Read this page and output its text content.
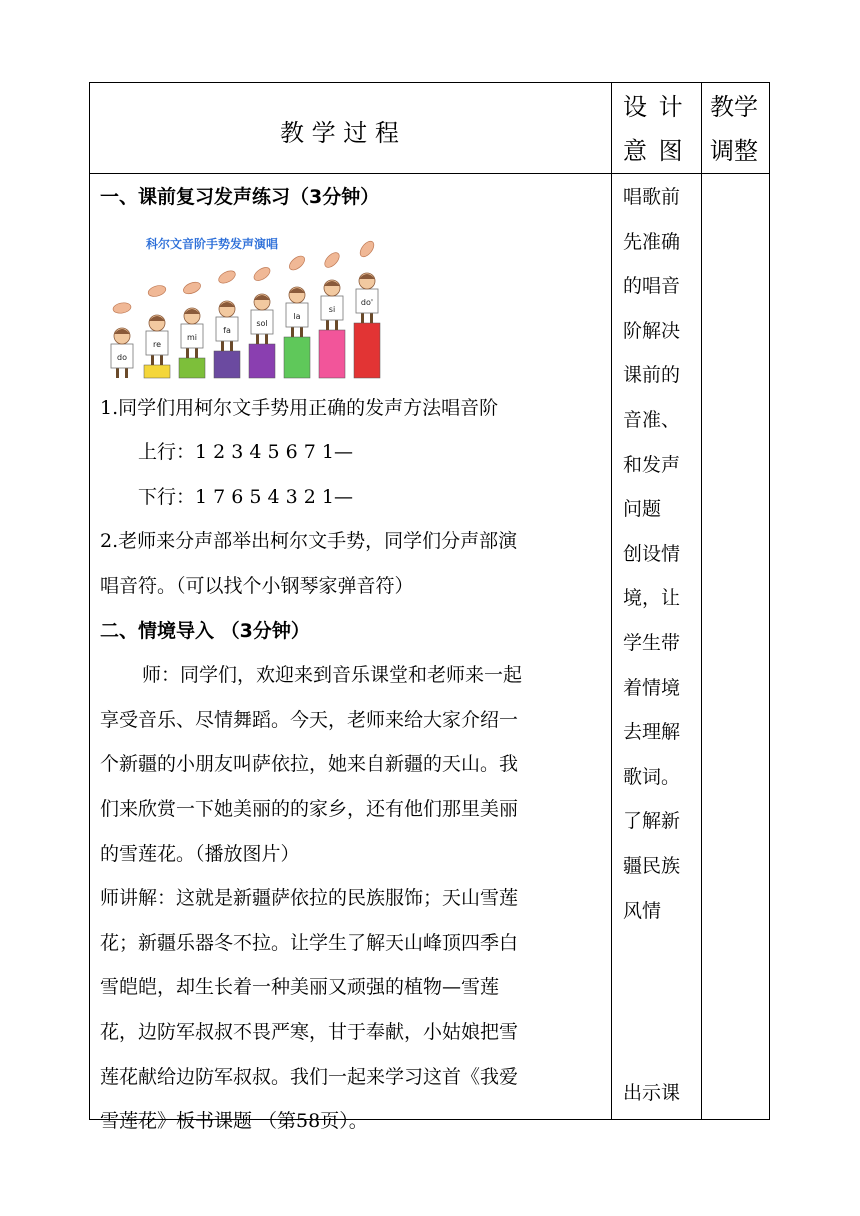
教 学 过 程
设 计
意 图
教学
调整

一、课前复习发声练习（3分钟）

科尔文音阶手势发声演唱
do
re
mi
fa
sol
la
si
do'

1.同学们用柯尔文手势用正确的发声方法唱音阶

上行：1 2 3 4 5 6 7 1—

下行：1 7 6 5 4 3 2 1—

2.老师来分声部举出柯尔文手势，同学们分声部演

唱音符。（可以找个小钢琴家弹音符）

二、情境导入 （3分钟）

师：同学们，欢迎来到音乐课堂和老师来一起

享受音乐、尽情舞蹈。今天，老师来给大家介绍一

个新疆的小朋友叫萨依拉，她来自新疆的天山。我

们来欣赏一下她美丽的的家乡，还有他们那里美丽

的雪莲花。（播放图片）

师讲解：这就是新疆萨依拉的民族服饰；天山雪莲

花；新疆乐器冬不拉。让学生了解天山峰顶四季白

雪皑皑，却生长着一种美丽又顽强的植物—雪莲

花，边防军叔叔不畏严寒，甘于奉献，小姑娘把雪

莲花献给边防军叔叔。我们一起来学习这首《我爱

雪莲花》板书课题 （第58页）。

唱歌前
先准确
的唱音
阶解决
课前的
音准、
和发声
问题
创设情
境，让
学生带
着情境
去理解
歌词。
了解新
疆民族
风情
出示课
